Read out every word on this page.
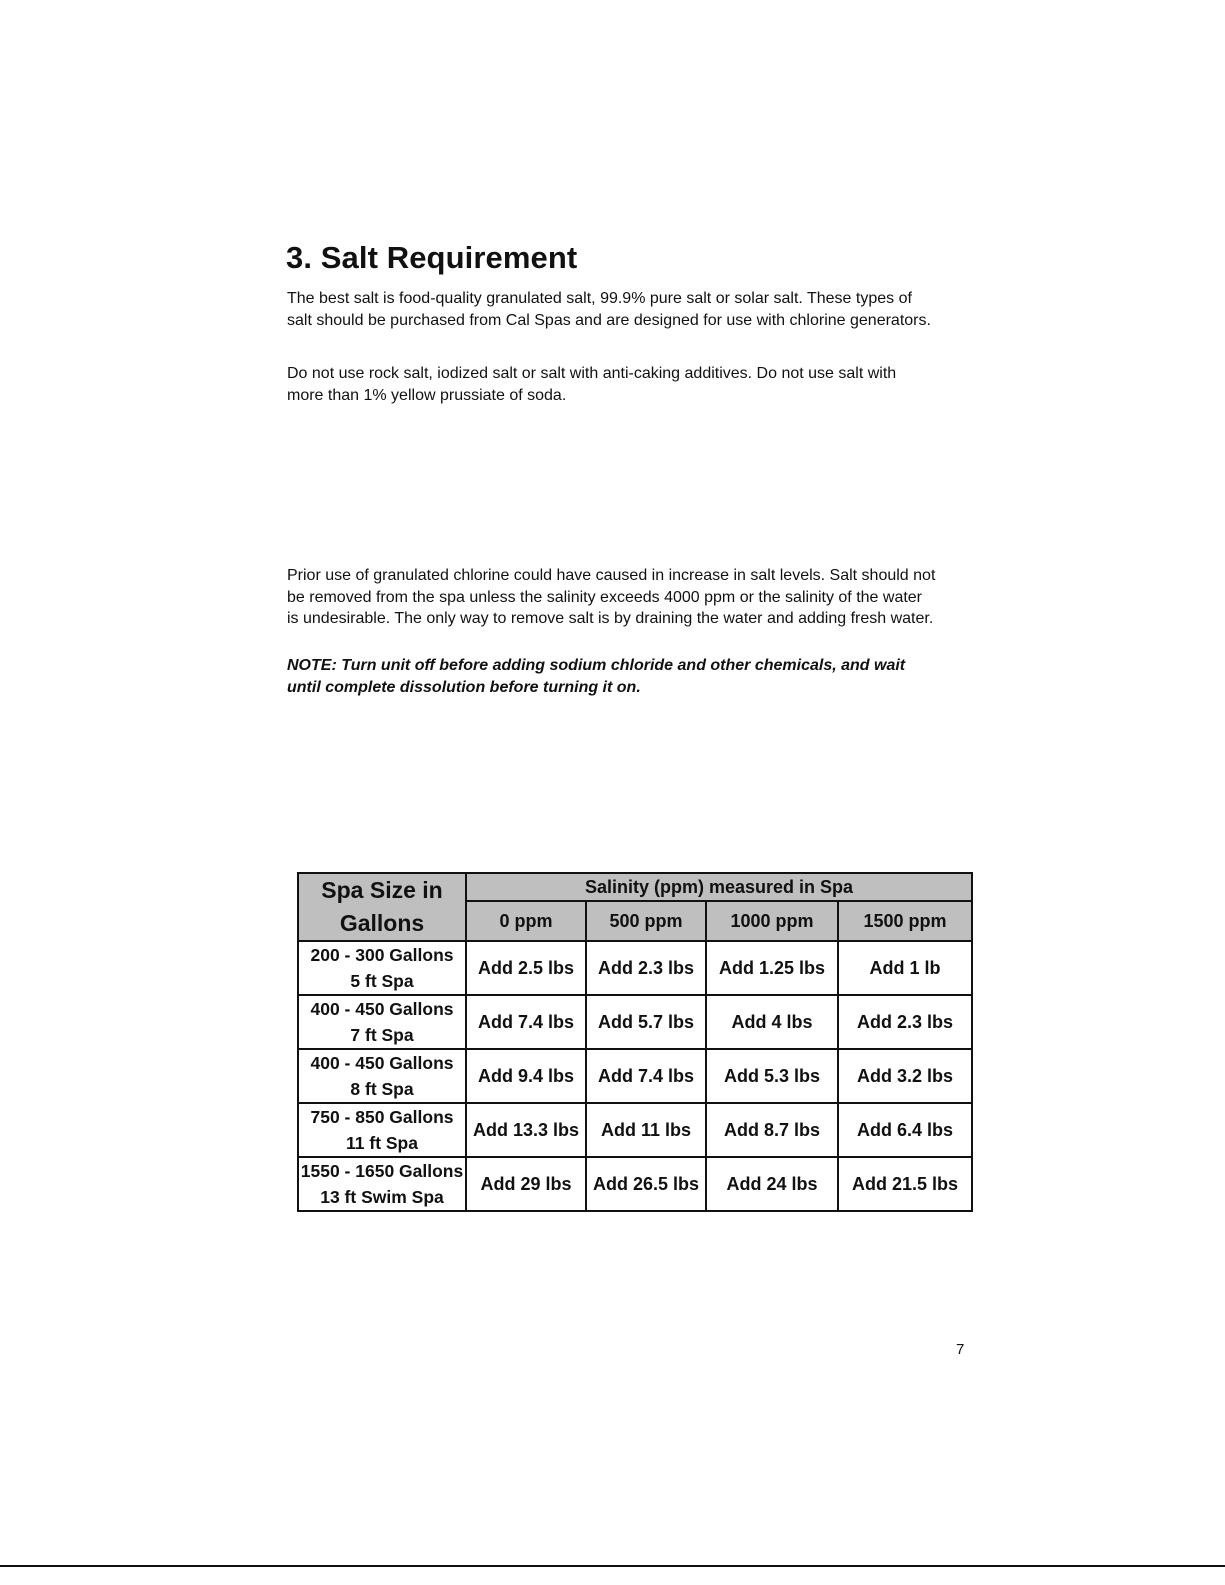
3. Salt Requirement

The best salt is food-quality granulated salt, 99.9% pure salt or solar salt. These types of salt should be purchased from Cal Spas and are designed for use with chlorine generators.

Do not use rock salt, iodized salt or salt with anti-caking additives. Do not use salt with more than 1% yellow prussiate of soda.

Prior use of granulated chlorine could have caused in increase in salt levels. Salt should not be removed from the spa unless the salinity exceeds 4000 ppm or the salinity of the water is undesirable. The only way to remove salt is by draining the water and adding fresh water.

NOTE: Turn unit off before adding sodium chloride and other chemicals, and wait until complete dissolution before turning it on.

Spa Size in Gallons	Salinity (ppm) measured in Spa			
	0 ppm	500 ppm	1000 ppm	1500 ppm

200 - 300 Gallons
5 ft Spa	Add 2.5 lbs	Add 2.3 lbs	Add 1.25 lbs	Add 1 lb

400 - 450 Gallons
7 ft Spa	Add 7.4 lbs	Add 5.7 lbs	Add 4 lbs	Add 2.3 lbs

400 - 450 Gallons
8 ft Spa	Add 9.4 lbs	Add 7.4 lbs	Add 5.3 lbs	Add 3.2 lbs

750 - 850 Gallons
11 ft Spa	Add 13.3 lbs	Add 11 lbs	Add 8.7 lbs	Add 6.4 lbs

1550 - 1650 Gallons
13 ft Swim Spa	Add 29 lbs	Add 26.5 lbs	Add 24 lbs	Add 21.5 lbs
7
